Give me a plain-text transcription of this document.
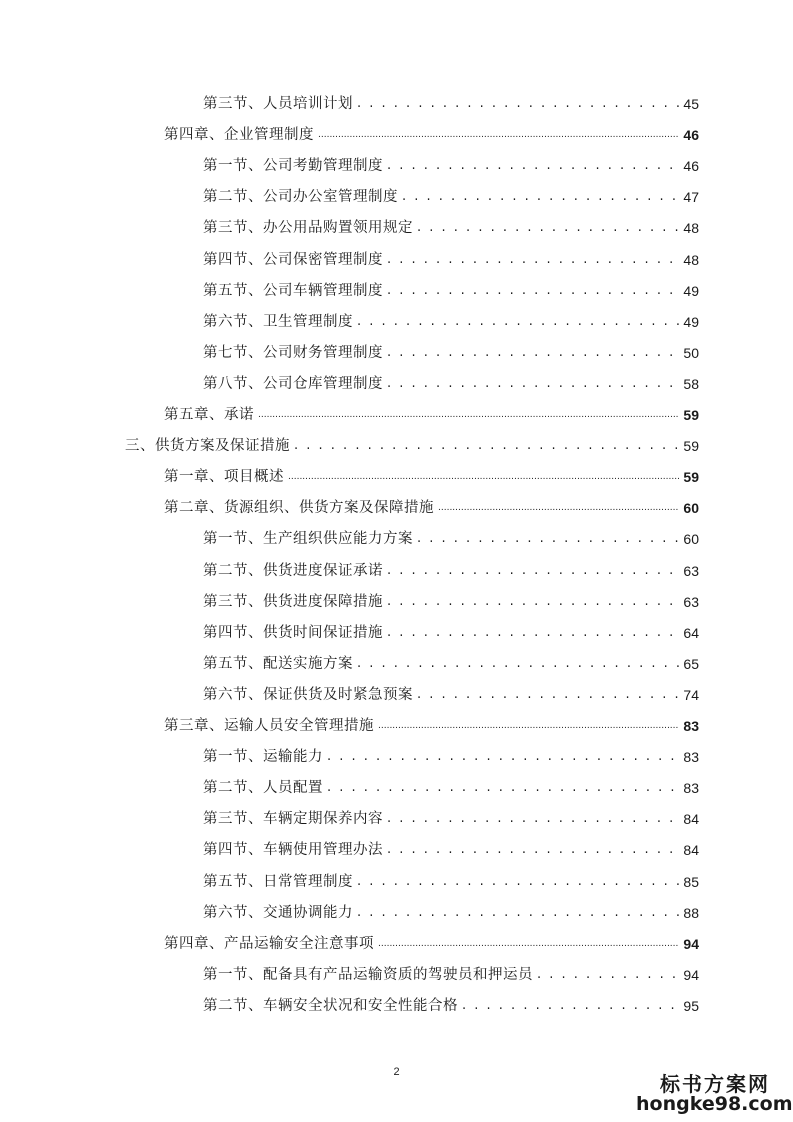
第三节、人员培训计划 . . .	45
第四章、企业管理制度 .....	46
第一节、公司考勤管理制度 . . .	46
第二节、公司办公室管理制度 . . .	47
第三节、办公用品购置领用规定 . . .	48
第四节、公司保密管理制度 . . .	48
第五节、公司车辆管理制度 . . .	49
第六节、卫生管理制度 . . .	49
第七节、公司财务管理制度 . . .	50
第八节、公司仓库管理制度 . . .	58
第五章、承诺 .....	59
三、供货方案及保证措施 . . .	59
第一章、项目概述 .....	59
第二章、货源组织、供货方案及保障措施 .....	60
第一节、生产组织供应能力方案 . . .	60
第二节、供货进度保证承诺 . . .	63
第三节、供货进度保障措施 . . .	63
第四节、供货时间保证措施 . . .	64
第五节、配送实施方案 . . .	65
第六节、保证供货及时紧急预案 . . .	74
第三章、运输人员安全管理措施 .....	83
第一节、运输能力 . . .	83
第二节、人员配置 . . .	83
第三节、车辆定期保养内容 . . .	84
第四节、车辆使用管理办法 . . .	84
第五节、日常管理制度 . . .	85
第六节、交通协调能力 . . .	88
第四章、产品运输安全注意事项 .....	94
第一节、配备具有产品运输资质的驾驶员和押运员 . . .	94
第二节、车辆安全状况和安全性能合格 . . .	95
2	标书方案网
hongke98.com
